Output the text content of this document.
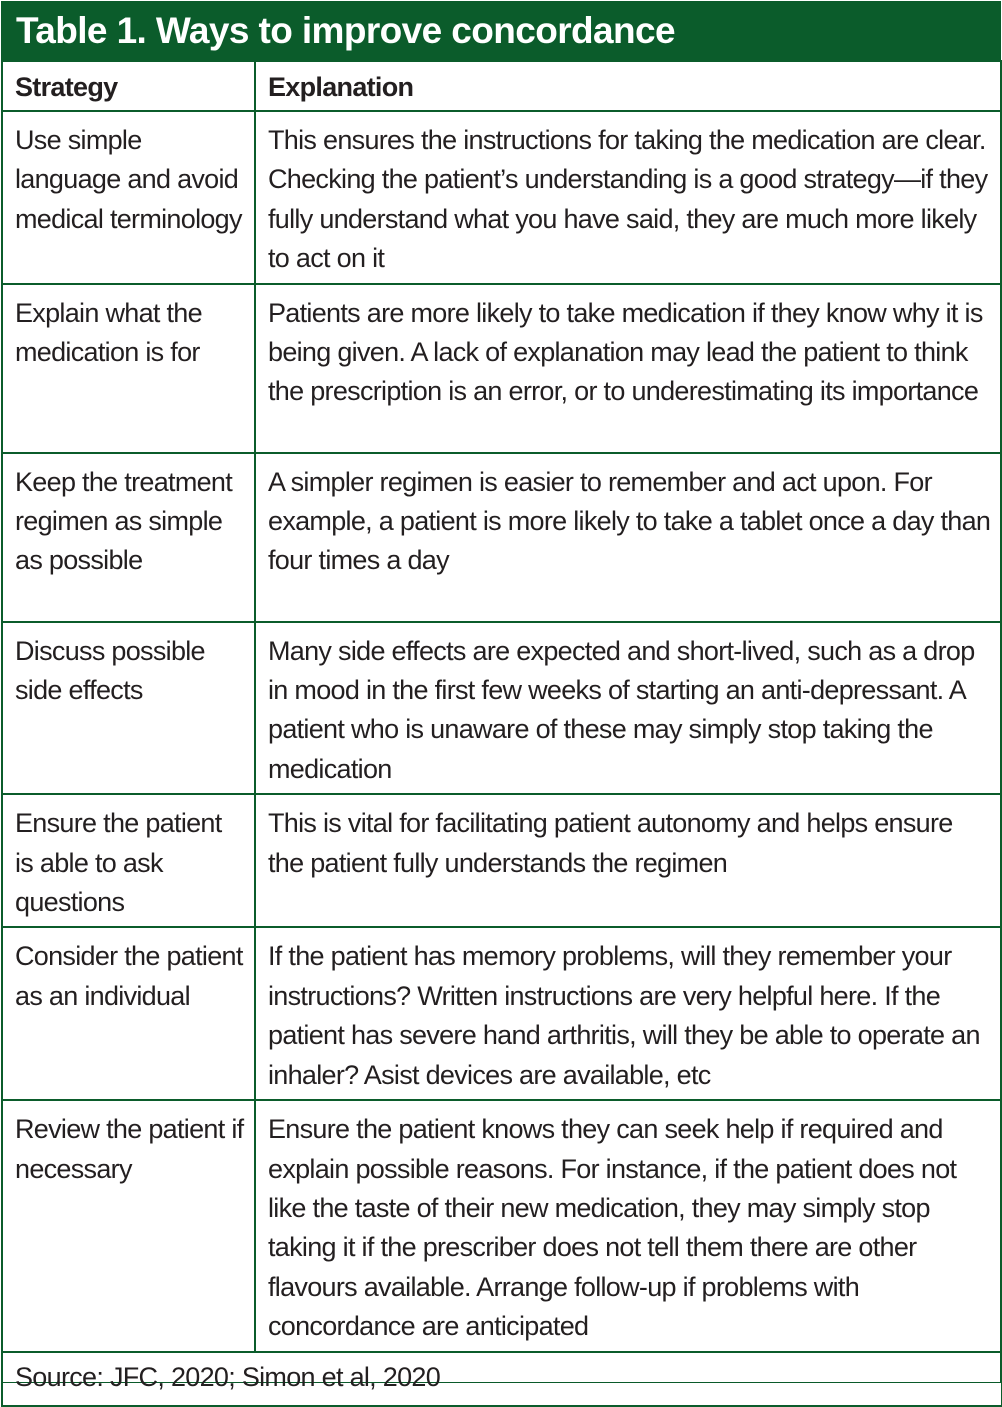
Table 1. Ways to improve concordance
Strategy	Explanation
Use simple language and avoid medical terminology	This ensures the instructions for taking the medication are clear. Checking the patient’s understanding is a good strategy—if they fully understand what you have said, they are much more likely to act on it
Explain what the medication is for	Patients are more likely to take medication if they know why it is being given. A lack of explanation may lead the patient to think the prescription is an error, or to underestimating its importance
Keep the treatment regimen as simple as possible	A simpler regimen is easier to remember and act upon. For example, a patient is more likely to take a tablet once a day than four times a day
Discuss possible side effects	Many side effects are expected and short-lived, such as a drop in mood in the first few weeks of starting an anti-depressant. A patient who is unaware of these may simply stop taking the medication
Ensure the patient is able to ask questions	This is vital for facilitating patient autonomy and helps ensure the patient fully understands the regimen
Consider the patient as an individual	If the patient has memory problems, will they remember your instructions? Written instructions are very helpful here. If the patient has severe hand arthritis, will they be able to operate an inhaler? Asist devices are available, etc
Review the patient if necessary	Ensure the patient knows they can seek help if required and explain possible reasons. For instance, if the patient does not like the taste of their new medication, they may simply stop taking it if the prescriber does not tell them there are other flavours available. Arrange follow-up if problems with concordance are anticipated
Source: JFC, 2020; Simon et al, 2020	
